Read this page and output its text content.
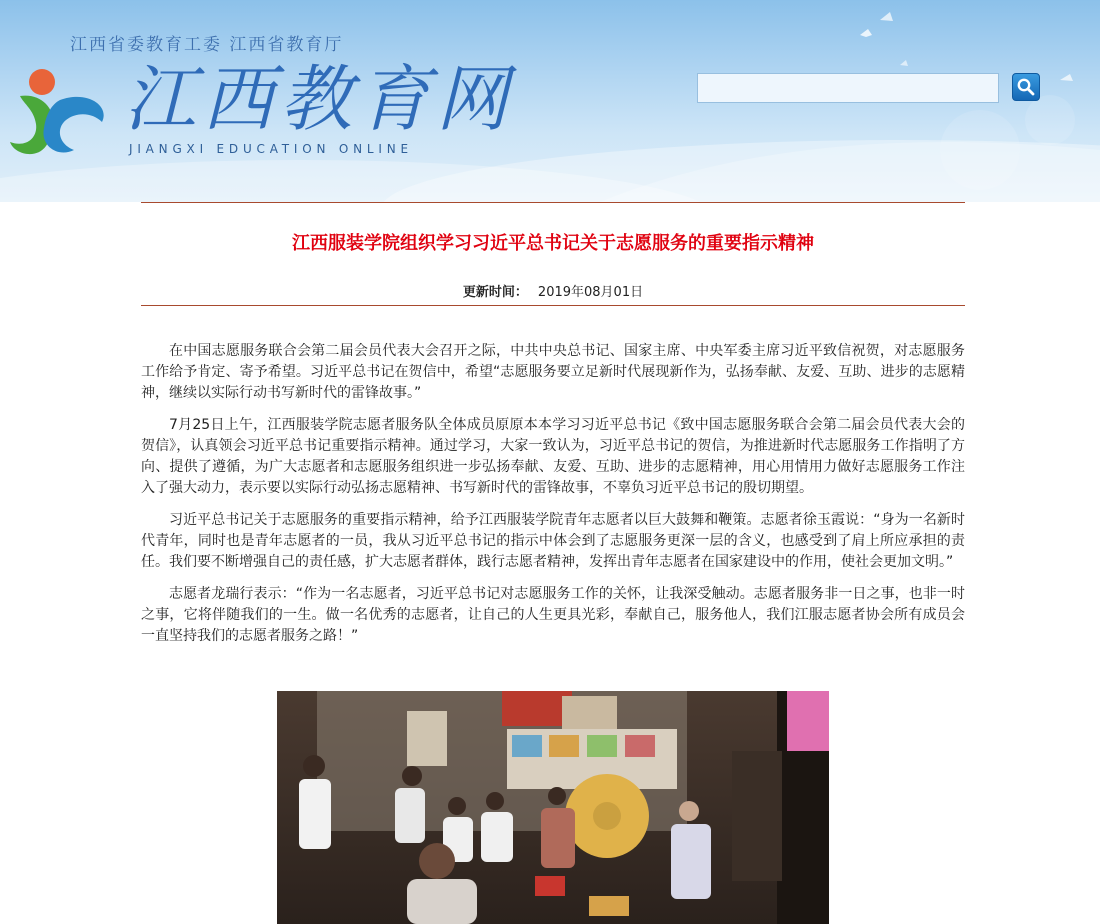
江西省委教育工委 江西省教育厅
江西教育网
JIANGXI EDUCATION ONLINE
江西服装学院组织学习习近平总书记关于志愿服务的重要指示精神
更新时间： 2019年08月01日

在中国志愿服务联合会第二届会员代表大会召开之际，中共中央总书记、国家主席、中央军委主席习近平致信祝贺，对志愿服务工作给予肯定、寄予希望。习近平总书记在贺信中，希望“志愿服务要立足新时代展现新作为，弘扬奉献、友爱、互助、进步的志愿精神，继续以实际行动书写新时代的雷锋故事。”

7月25日上午，江西服装学院志愿者服务队全体成员原原本本学习习近平总书记《致中国志愿服务联合会第二届会员代表大会的贺信》，认真领会习近平总书记重要指示精神。通过学习，大家一致认为，习近平总书记的贺信，为推进新时代志愿服务工作指明了方向、提供了遵循，为广大志愿者和志愿服务组织进一步弘扬奉献、友爱、互助、进步的志愿精神，用心用情用力做好志愿服务工作注入了强大动力，表示要以实际行动弘扬志愿精神、书写新时代的雷锋故事，不辜负习近平总书记的殷切期望。

习近平总书记关于志愿服务的重要指示精神，给予江西服装学院青年志愿者以巨大鼓舞和鞭策。志愿者徐玉霞说：“身为一名新时代青年，同时也是青年志愿者的一员，我从习近平总书记的指示中体会到了志愿服务更深一层的含义，也感受到了肩上所应承担的责任。我们要不断增强自己的责任感，扩大志愿者群体，践行志愿者精神，发挥出青年志愿者在国家建设中的作用，使社会更加文明。”

志愿者龙瑞行表示：“作为一名志愿者，习近平总书记对志愿服务工作的关怀，让我深受触动。志愿者服务非一日之事，也非一时之事，它将伴随我们的一生。做一名优秀的志愿者，让自己的人生更具光彩，奉献自己，服务他人，我们江服志愿者协会所有成员会一直坚持我们的志愿者服务之路！”
